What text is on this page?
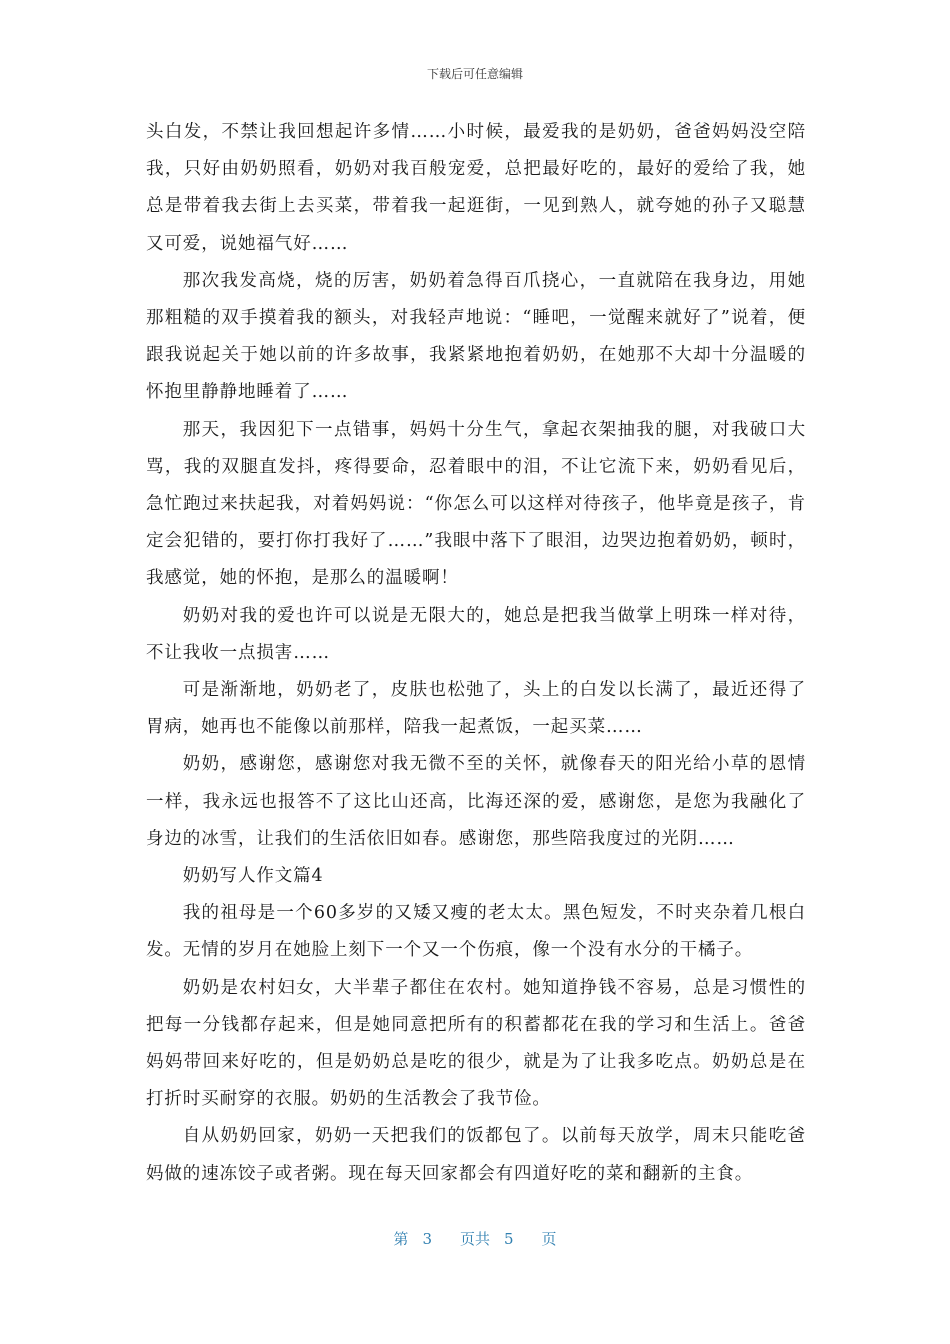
下载后可任意编辑

头白发，不禁让我回想起许多情……小时候，最爱我的是奶奶，爸爸妈妈没空陪我，只好由奶奶照看，奶奶对我百般宠爱，总把最好吃的，最好的爱给了我，她总是带着我去街上去买菜，带着我一起逛街，一见到熟人，就夸她的孙子又聪慧又可爱，说她福气好……

那次我发高烧，烧的厉害，奶奶着急得百爪挠心，一直就陪在我身边，用她那粗糙的双手摸着我的额头，对我轻声地说：“睡吧，一觉醒来就好了”说着，便跟我说起关于她以前的许多故事，我紧紧地抱着奶奶，在她那不大却十分温暖的怀抱里静静地睡着了……

那天，我因犯下一点错事，妈妈十分生气，拿起衣架抽我的腿，对我破口大骂，我的双腿直发抖，疼得要命，忍着眼中的泪，不让它流下来，奶奶看见后，急忙跑过来扶起我，对着妈妈说：“你怎么可以这样对待孩子，他毕竟是孩子，肯定会犯错的，要打你打我好了……”我眼中落下了眼泪，边哭边抱着奶奶，顿时，我感觉，她的怀抱，是那么的温暖啊！

奶奶对我的爱也许可以说是无限大的，她总是把我当做掌上明珠一样对待，不让我收一点损害……

可是渐渐地，奶奶老了，皮肤也松弛了，头上的白发以长满了，最近还得了胃病，她再也不能像以前那样，陪我一起煮饭，一起买菜……

奶奶，感谢您，感谢您对我无微不至的关怀，就像春天的阳光给小草的恩情一样，我永远也报答不了这比山还高，比海还深的爱，感谢您，是您为我融化了身边的冰雪，让我们的生活依旧如春。感谢您，那些陪我度过的光阴……

奶奶写人作文篇4

我的祖母是一个60多岁的又矮又瘦的老太太。黑色短发，不时夹杂着几根白发。无情的岁月在她脸上刻下一个又一个伤痕，像一个没有水分的干橘子。

奶奶是农村妇女，大半辈子都住在农村。她知道挣钱不容易，总是习惯性的把每一分钱都存起来，但是她同意把所有的积蓄都花在我的学习和生活上。爸爸妈妈带回来好吃的，但是奶奶总是吃的很少，就是为了让我多吃点。奶奶总是在打折时买耐穿的衣服。奶奶的生活教会了我节俭。

自从奶奶回家，奶奶一天把我们的饭都包了。以前每天放学，周末只能吃爸妈做的速冻饺子或者粥。现在每天回家都会有四道好吃的菜和翻新的主食。

第 3 页共 5 页
